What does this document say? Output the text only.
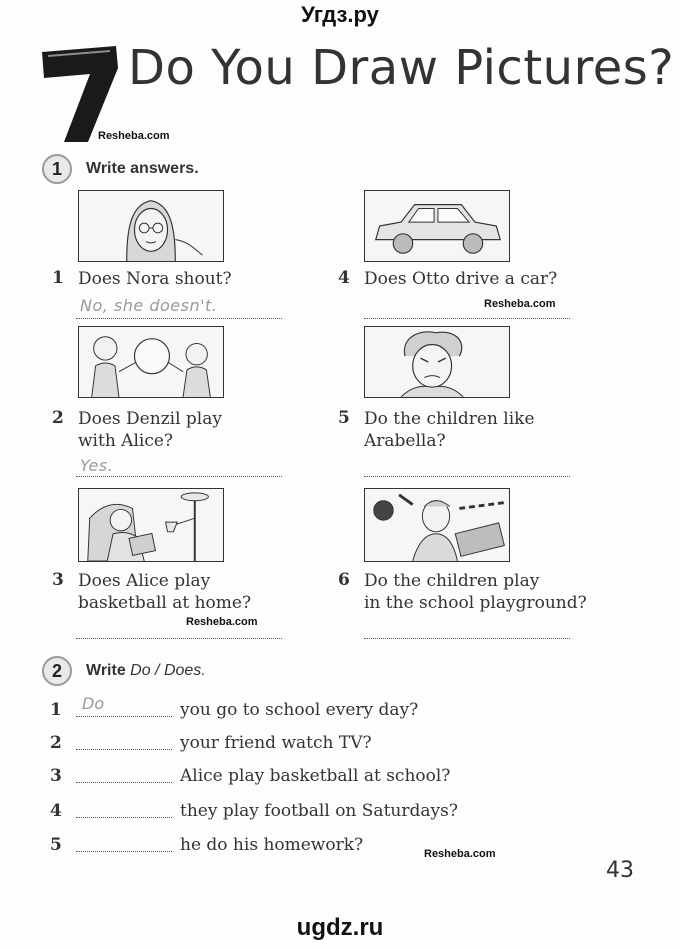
Угдз.ру
7
Do You Draw Pictures?
Resheba.com
1	Write answers.
1 Does Nora shout?
No, she doesn't.
4 Does Otto drive a car?
Resheba.com
2 Does Denzil play
with Alice?
Yes.
5 Do the children like
Arabella?
3 Does Alice play
basketball at home?
Resheba.com
6 Do the children play
in the school playground?
2	Write Do / Does.
1 Do	you go to school every day?
2	your friend watch TV?
3	Alice play basketball at school?
4	they play football on Saturdays?
5	he do his homework?	Resheba.com
43
ugdz.ru
